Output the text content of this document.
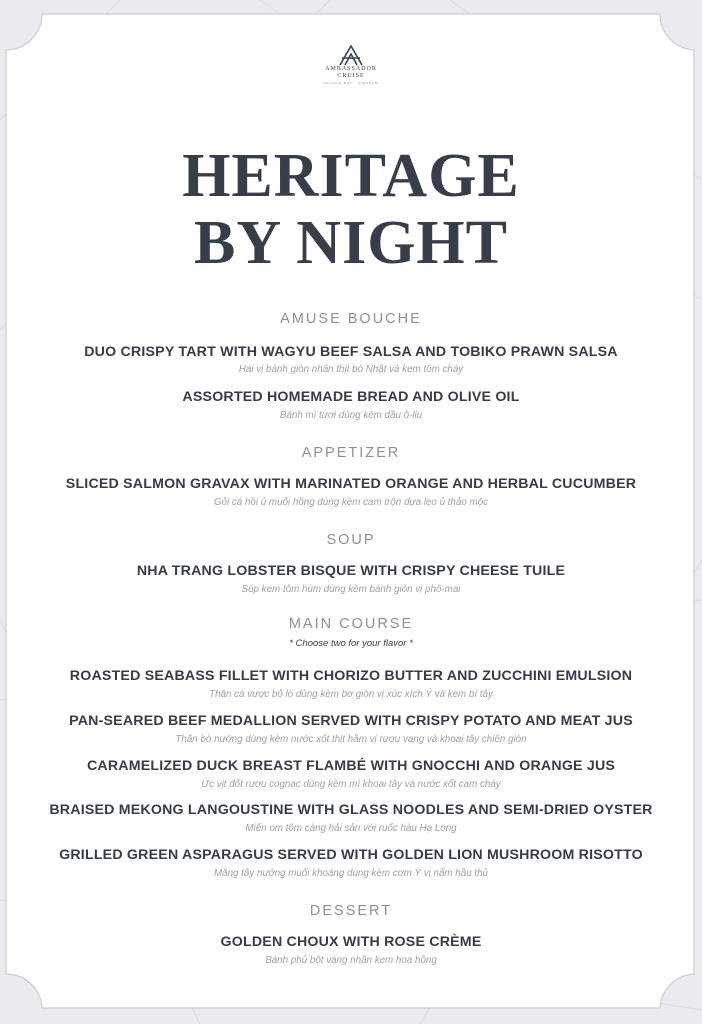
AMBASSADOR
CRUISE
HALONG BAY · VIETNAM
HERITAGE
BY NIGHT
AMUSE BOUCHE
DUO CRISPY TART WITH WAGYU BEEF SALSA AND TOBIKO PRAWN SALSA
Hai vị bánh giòn nhân thịt bò Nhật và kem tôm cháy
ASSORTED HOMEMADE BREAD AND OLIVE OIL
Bánh mì tươi dùng kèm dầu ô-liu
APPETIZER
SLICED SALMON GRAVAX WITH MARINATED ORANGE AND HERBAL CUCUMBER
Gỏi cá hồi ủ muối hồng dùng kèm cam trộn dưa leo ủ thảo mộc
SOUP
NHA TRANG LOBSTER BISQUE WITH CRISPY CHEESE TUILE
Súp kem tôm hùm dùng kèm bánh giòn vị phô-mai
MAIN COURSE
* Choose two for your flavor *
ROASTED SEABASS FILLET WITH CHORIZO BUTTER AND ZUCCHINI EMULSION
Thăn cá vược bỏ lò dùng kèm bơ giòn vị xúc xích Ý và kem bí tây
PAN-SEARED BEEF MEDALLION SERVED WITH CRISPY POTATO AND MEAT JUS
Thăn bò nướng dùng kèm nước xốt thịt hầm vị rượu vang và khoai tây chiên giòn
CARAMELIZED DUCK BREAST FLAMBÉ WITH GNOCCHI AND ORANGE JUS
Ức vịt đốt rượu cognac dùng kèm mì khoai tây và nước xốt cam cháy
BRAISED MEKONG LANGOUSTINE WITH GLASS NOODLES AND SEMI-DRIED OYSTER
Miến om tôm càng hải sản với ruốc hàu Hạ Long
GRILLED GREEN ASPARAGUS SERVED WITH GOLDEN LION MUSHROOM RISOTTO
Măng tây nướng muối khoáng dùng kèm cơm Ý vị nấm hầu thủ
DESSERT
GOLDEN CHOUX WITH ROSE CRÈME
Bánh phủ bột vàng nhân kem hoa hồng
